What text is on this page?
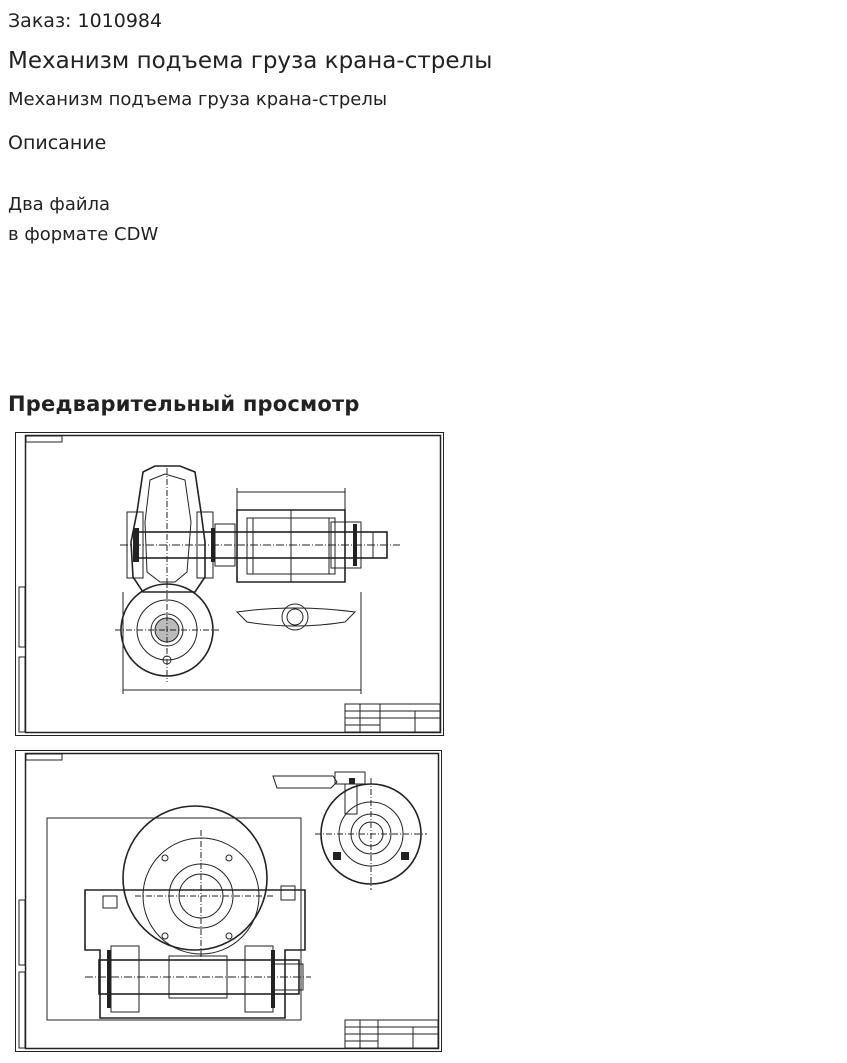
Заказ: 1010984
Механизм подъема груза крана-стрелы
Механизм подъема груза крана-стрелы
Описание
Два файла
в формате CDW
Предварительный просмотр
